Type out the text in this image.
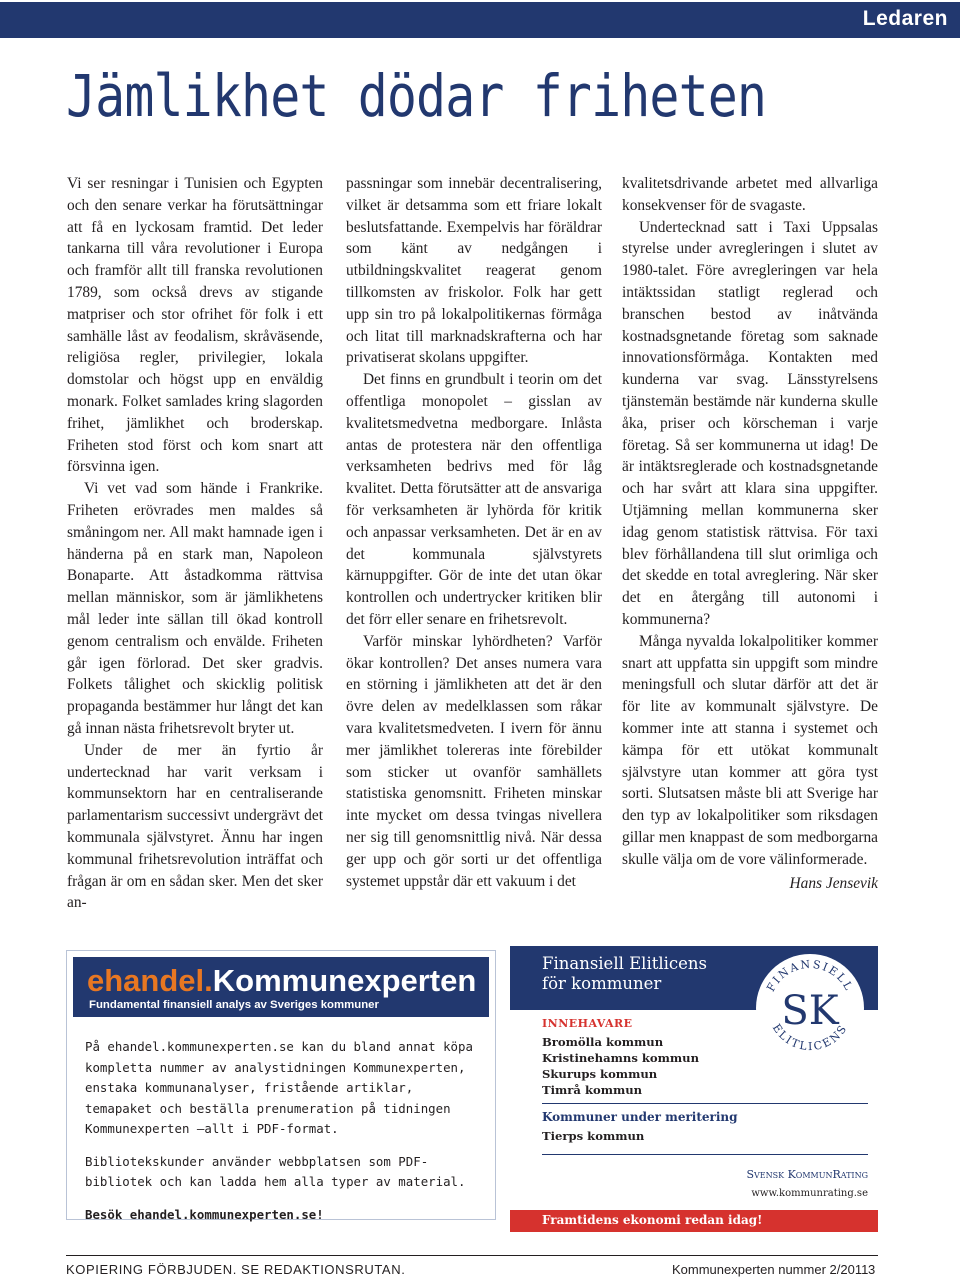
Ledaren
Jämlikhet dödar friheten

Vi ser resningar i Tunisien och Egypten och den senare verkar ha förutsättningar att få en lyckosam framtid. Det leder tankarna till våra revolutioner i Europa och framför allt till franska revolutionen 1789, som också drevs av stigande matpriser och stor ofrihet för folk i ett samhälle låst av feodalism, skråväsende, religiösa regler, privilegier, lokala domstolar och högst upp en enväldig monark. Folket samlades kring slagorden frihet, jämlikhet och broderskap. Friheten stod först och kom snart att försvinna igen.

Vi vet vad som hände i Frankrike. Friheten erövrades men maldes så småningom ner. All makt hamnade igen i händerna på en stark man, Napoleon Bonaparte. Att åstadkomma rättvisa mellan människor, som är jämlikhetens mål leder inte sällan till ökad kontroll genom centralism och envälde. Friheten går igen förlorad. Det sker gradvis. Folkets tålighet och skicklig politisk propaganda bestämmer hur långt det kan gå innan nästa frihetsrevolt bryter ut.

Under de mer än fyrtio år undertecknad har varit verksam i kommunsektorn har en centraliserande parlamentarism successivt undergrävt det kommunala självstyret. Ännu har ingen kommunal frihetsrevolution inträffat och frågan är om en sådan sker. Men det sker an-

passningar som innebär decentralisering, vilket är detsamma som ett friare lokalt beslutsfattande. Exempelvis har föräldrar som känt av nedgången i utbildningskvalitet reagerat genom tillkomsten av friskolor. Folk har gett upp sin tro på lokalpolitikernas förmåga och litat till marknadskrafterna och har privatiserat skolans uppgifter.

Det finns en grundbult i teorin om det offentliga monopolet – gisslan av kvalitetsmedvetna medborgare. Inlåsta antas de protestera när den offentliga verksamheten bedrivs med för låg kvalitet. Detta förutsätter att de ansvariga för verksamheten är lyhörda för kritik och anpassar verksamheten. Det är en av det kommunala självstyrets kärnuppgifter. Gör de inte det utan ökar kontrollen och undertrycker kritiken blir det förr eller senare en frihetsrevolt.

Varför minskar lyhördheten? Varför ökar kontrollen? Det anses numera vara en störning i jämlikheten att det är den övre delen av medelklassen som råkar vara kvalitetsmedveten. I ivern för ännu mer jämlikhet tolereras inte förebilder som sticker ut ovanför samhällets statistiska genomsnitt. Friheten minskar inte mycket om dessa tvingas nivellera ner sig till genomsnittlig nivå. När dessa ger upp och gör sorti ur det offentliga systemet uppstår där ett vakuum i det

kvalitetsdrivande arbetet med allvarliga konsekvenser för de svagaste.

Undertecknad satt i Taxi Uppsalas styrelse under avregleringen i slutet av 1980-talet. Före avregleringen var hela intäktssidan statligt reglerad och branschen bestod av inåtvända kostnadsgnetande företag som saknade innovationsförmåga. Kontakten med kunderna var svag. Länsstyrelsens tjänstemän bestämde när kunderna skulle åka, priser och körscheman i varje företag. Så ser kommunerna ut idag! De är intäktsreglerade och kostnadsgnetande och har svårt att klara sina uppgifter. Utjämning mellan kommunerna sker idag genom statistisk rättvisa. För taxi blev förhållandena till slut orimliga och det skedde en total avreglering. När sker det en återgång till autonomi i kommunerna?

Många nyvalda lokalpolitiker kommer snart att uppfatta sin uppgift som mindre meningsfull och slutar därför att det är för lite av kommunalt självstyre. De kommer inte att stanna i systemet och kämpa för ett utökat kommunalt självstyre utan kommer att göra tyst sorti. Slutsatsen måste bli att Sverige har den typ av lokalpolitiker som riksdagen gillar men knappast de som medborgarna skulle välja om de vore välinformerade.

Hans Jensevik
ehandel.Kommunexperten
Fundamental finansiell analys av Sveriges kommuner

På ehandel.kommunexperten.se kan du bland annat köpa kompletta nummer av analystidningen Kommunexperten, enstaka kommunanalyser, fristående artiklar, temapaket och beställa prenumeration på tidningen Kommunexperten –allt i PDF-format.

Bibliotekskunder använder webbplatsen som PDF-bibliotek och kan ladda hem alla typer av material.

Besök ehandel.kommunexperten.se!

Finansiell Elitlicens
för kommuner	FINANSIELL
ELITLICENS
SK
INNEHAVARE
Bromölla kommun
Kristinehamns kommun
Skurups kommun
Timrå kommun
Kommuner under meritering
Tierps kommun
Svensk KommunRating
www.kommunrating.se
Framtidens ekonomi redan idag!
KOPIERING FÖRBJUDEN. SE REDAKTIONSRUTAN.	Kommunexperten nummer 2/2011 3
